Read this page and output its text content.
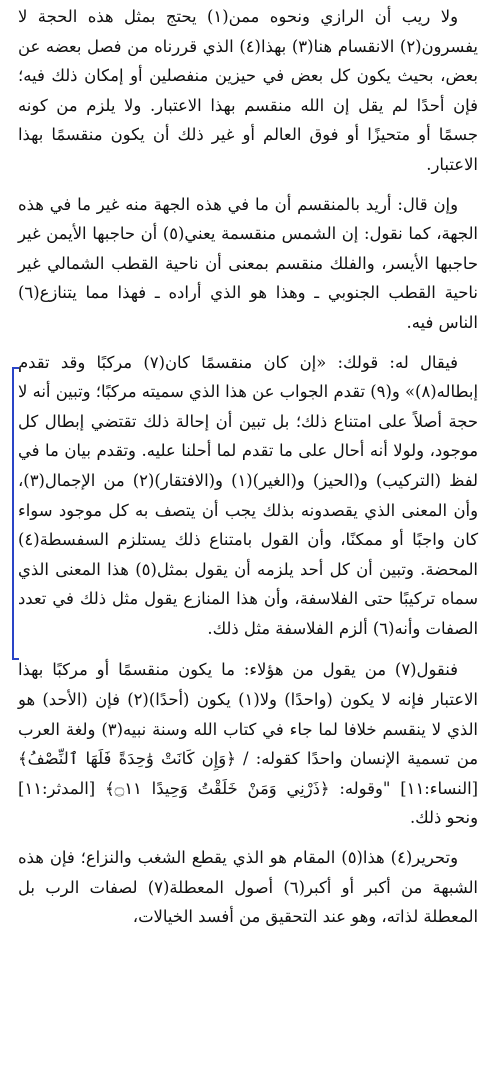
ولا ريب أن الرازي ونحوه ممن(١) يحتج بمثل هذه الحجة لا يفسرون(٢) الانقسام هنا(٣) بهذا(٤) الذي قررناه من فصل بعضه عن بعض، بحيث يكون كل بعض في حيزين منفصلين أو إمكان ذلك فيه؛ فإن أحدًا لم يقل إن الله منقسم بهذا الاعتبار. ولا يلزم من كونه جسمًا أو متحيزًا أو فوق العالم أو غير ذلك أن يكون منقسمًا بهذا الاعتبار.

وإن قال: أريد بالمنقسم أن ما في هذه الجهة منه غير ما في هذه الجهة، كما نقول: إن الشمس منقسمة يعني(٥) أن حاجبها الأيمن غير حاجبها الأيسر، والفلك منقسم بمعنى أن ناحية القطب الشمالي غير ناحية القطب الجنوبي ـ وهذا هو الذي أراده ـ فهذا مما يتنازع(٦) الناس فيه.

فيقال له: قولك: «إن كان منقسمًا كان(٧) مركبًا وقد تقدم إبطاله(٨)» و(٩) تقدم الجواب عن هذا الذي سميته مركبًا؛ وتبين أنه لا حجة أصلاً على امتناع ذلك؛ بل تبين أن إحالة ذلك تقتضي إبطال كل موجود، ولولا أنه أحال على ما تقدم لما أحلنا عليه. وتقدم بيان ما في لفظ (التركيب) و(الحيز) و(الغير)(١) و(الافتقار)(٢) من الإجمال(٣)، وأن المعنى الذي يقصدونه بذلك يجب أن يتصف به كل موجود سواء كان واجبًا أو ممكنًا، وأن القول بامتناع ذلك يستلزم السفسطة(٤) المحضة. وتبين أن كل أحد يلزمه أن يقول بمثل(٥) هذا المعنى الذي سماه تركيبًا حتى الفلاسفة، وأن هذا المنازع يقول مثل ذلك في تعدد الصفات وأنه(٦) ألزم الفلاسفة مثل ذلك.

فنقول(٧) من يقول من هؤلاء: ما يكون منقسمًا أو مركبًا بهذا الاعتبار فإنه لا يكون (واحدًا) ولا(١) يكون (أحدًا)(٢) فإن (الأحد) هو الذي لا ينقسم خلافا لما جاء في كتاب الله وسنة نبيه(٣) ولغة العرب من تسمية الإنسان واحدًا كقوله: / ﴿وَإِن كَانَتْ وَٰحِدَةً فَلَهَا ٱلنِّصْفُ﴾ [النساء:١١] "وقوله: ﴿ذَرْنِي وَمَنْ خَلَقْتُ وَحِيدًا ۝١١﴾ [المدثر:١١] ونحو ذلك.

وتحرير(٤) هذا(٥) المقام هو الذي يقطع الشغب والنزاع؛ فإن هذه الشبهة من أكبر أو أكبر(٦) أصول المعطلة(٧) لصفات الرب بل المعطلة لذاته، وهو عند التحقيق من أفسد الخيالات،
